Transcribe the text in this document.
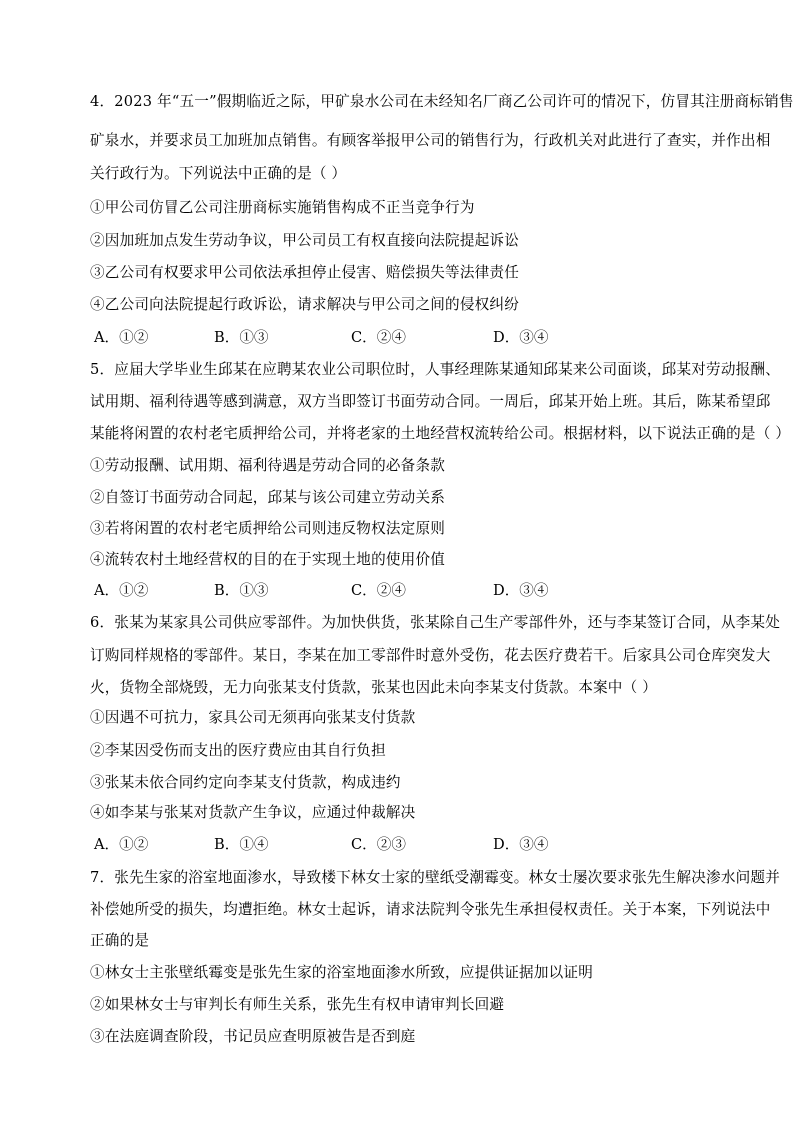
4．2023 年“五一”假期临近之际，甲矿泉水公司在未经知名厂商乙公司许可的情况下，仿冒其注册商标销售
矿泉水，并要求员工加班加点销售。有顾客举报甲公司的销售行为，行政机关对此进行了查实，并作出相
关行政行为。下列说法中正确的是（ ）
①甲公司仿冒乙公司注册商标实施销售构成不正当竞争行为
②因加班加点发生劳动争议，甲公司员工有权直接向法院提起诉讼
③乙公司有权要求甲公司依法承担停止侵害、赔偿损失等法律责任
④乙公司向法院提起行政诉讼，请求解决与甲公司之间的侵权纠纷
A．①②	B．①③	C．②④	D．③④
5．应届大学毕业生邱某在应聘某农业公司职位时，人事经理陈某通知邱某来公司面谈，邱某对劳动报酬、
试用期、福利待遇等感到满意，双方当即签订书面劳动合同。一周后，邱某开始上班。其后，陈某希望邱
某能将闲置的农村老宅质押给公司，并将老家的土地经营权流转给公司。根据材料，以下说法正确的是（ ）
①劳动报酬、试用期、福利待遇是劳动合同的必备条款
②自签订书面劳动合同起，邱某与该公司建立劳动关系
③若将闲置的农村老宅质押给公司则违反物权法定原则
④流转农村土地经营权的目的在于实现土地的使用价值
A．①②	B．①③	C．②④	D．③④
6．张某为某家具公司供应零部件。为加快供货，张某除自己生产零部件外，还与李某签订合同，从李某处
订购同样规格的零部件。某日，李某在加工零部件时意外受伤，花去医疗费若干。后家具公司仓库突发大
火，货物全部烧毁，无力向张某支付货款，张某也因此未向李某支付货款。本案中（ ）
①因遇不可抗力，家具公司无须再向张某支付货款
②李某因受伤而支出的医疗费应由其自行负担
③张某未依合同约定向李某支付货款，构成违约
④如李某与张某对货款产生争议，应通过仲裁解决
A．①②	B．①④	C．②③	D．③④
7．张先生家的浴室地面渗水，导致楼下林女士家的壁纸受潮霉变。林女士屡次要求张先生解决渗水问题并
补偿她所受的损失，均遭拒绝。林女士起诉，请求法院判令张先生承担侵权责任。关于本案，下列说法中
正确的是
①林女士主张壁纸霉变是张先生家的浴室地面渗水所致，应提供证据加以证明
②如果林女士与审判长有师生关系，张先生有权申请审判长回避
③在法庭调查阶段，书记员应查明原被告是否到庭
